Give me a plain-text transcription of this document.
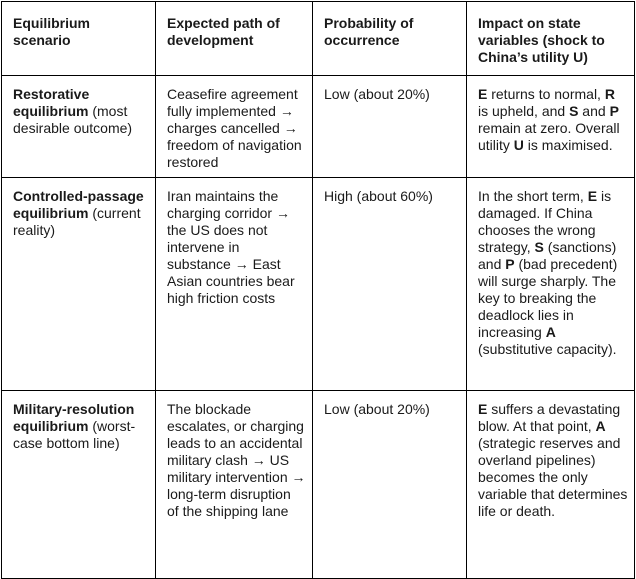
Equilibrium scenario	Expected path of development	Probability of occurrence	Impact on state variables (shock to China’s utility U)
Restorative equilibrium (most desirable outcome)	Ceasefire agreement fully implemented → charges cancelled → freedom of navigation restored	Low (about 20%)	E returns to normal, R is upheld, and S and P remain at zero. Overall utility U is maximised.
Controlled-passage equilibrium (current reality)	Iran maintains the charging corridor → the US does not intervene in substance → East Asian countries bear high friction costs	High (about 60%)	In the short term, E is damaged. If China chooses the wrong strategy, S (sanctions) and P (bad precedent) will surge sharply. The key to breaking the deadlock lies in increasing A (substitutive capacity).
Military-resolution equilibrium (worst-case bottom line)	The blockade escalates, or charging leads to an accidental military clash → US military intervention → long-term disruption of the shipping lane	Low (about 20%)	E suffers a devastating blow. At that point, A (strategic reserves and overland pipelines) becomes the only variable that determines life or death.
